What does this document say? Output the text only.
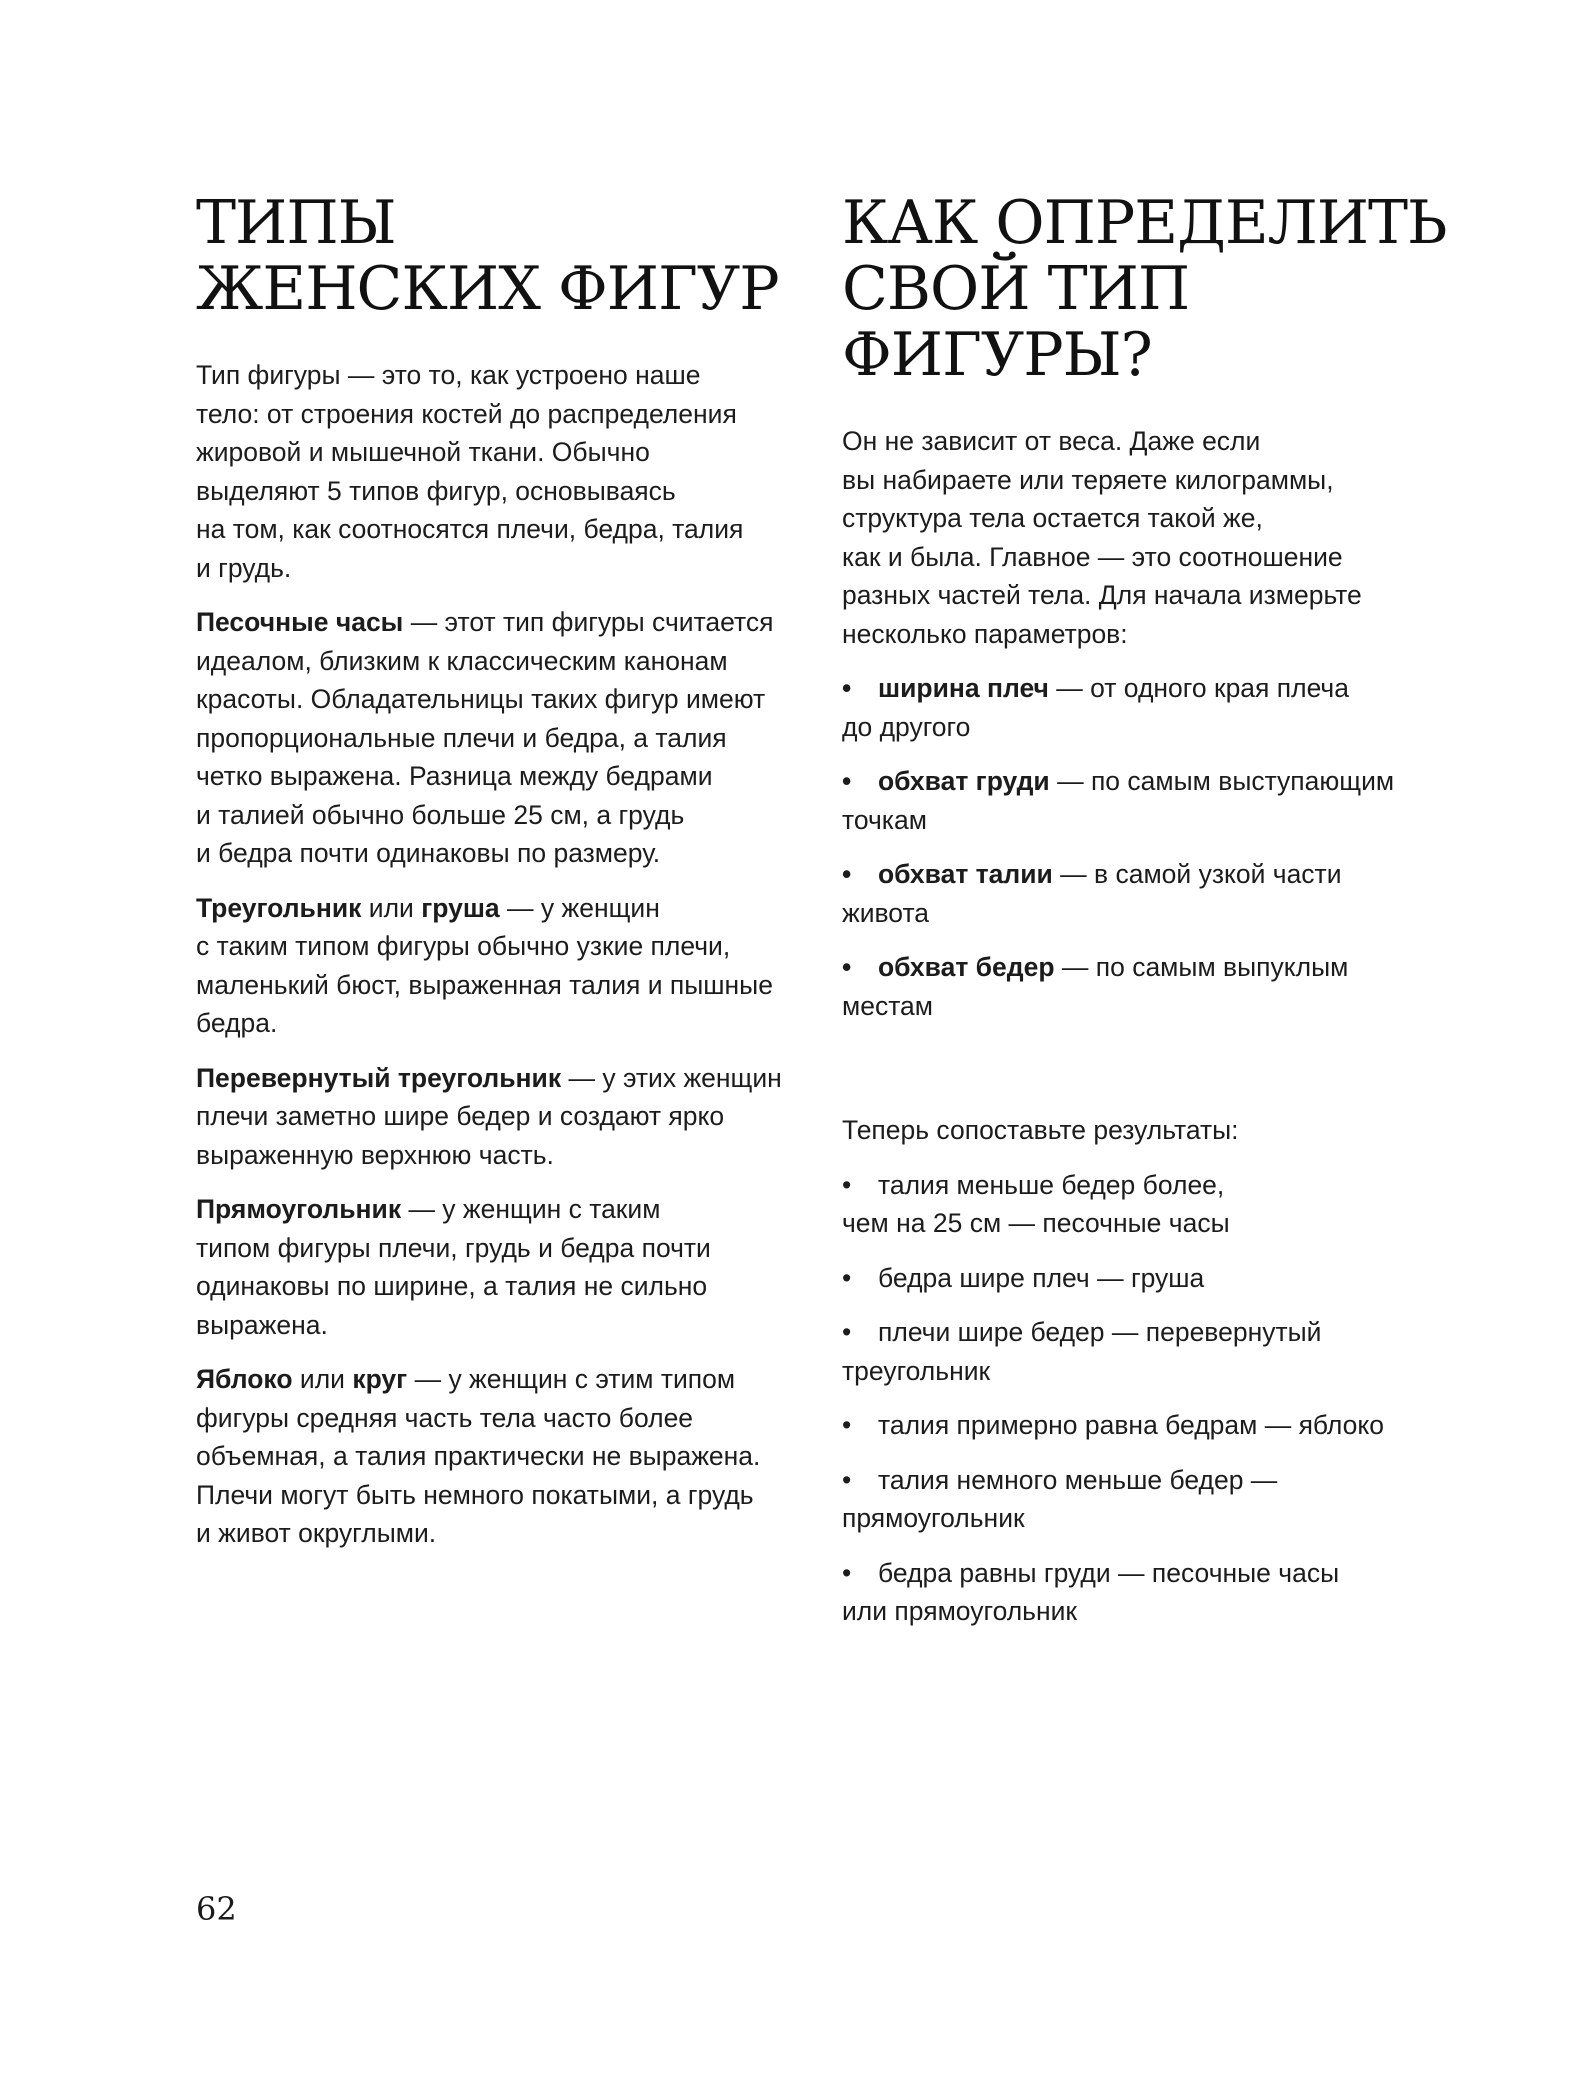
ТИПЫ
ЖЕНСКИХ ФИГУР

Тип фигуры — это то, как устроено наше
тело: от строения костей до распределения
жировой и мышечной ткани. Обычно
выделяют 5 типов фигур, основываясь
на том, как соотносятся плечи, бедра, талия
и грудь.

Песочные часы — этот тип фигуры считается
идеалом, близким к классическим канонам
красоты. Обладательницы таких фигур имеют
пропорциональные плечи и бедра, а талия
четко выражена. Разница между бедрами
и талией обычно больше 25 см, а грудь
и бедра почти одинаковы по размеру.

Треугольник или груша — у женщин
с таким типом фигуры обычно узкие плечи,
маленький бюст, выраженная талия и пышные
бедра.

Перевернутый треугольник — у этих женщин
плечи заметно шире бедер и создают ярко
выраженную верхнюю часть.

Прямоугольник — у женщин с таким
типом фигуры плечи, грудь и бедра почти
одинаковы по ширине, а талия не сильно
выражена.

Яблоко или круг — у женщин с этим типом
фигуры средняя часть тела часто более
объемная, а талия практически не выражена.
Плечи могут быть немного покатыми, а грудь
и живот округлыми.

КАК ОПРЕДЕЛИТЬ
СВОЙ ТИП ФИГУРЫ?

Он не зависит от веса. Даже если
вы набираете или теряете килограммы,
структура тела остается такой же,
как и была. Главное — это соотношение
разных частей тела. Для начала измерьте
несколько параметров:

• ширина плеч — от одного края плеча
до другого

• обхват груди — по самым выступающим
точкам

• обхват талии — в самой узкой части
живота

• обхват бедер — по самым выпуклым
местам

Теперь сопоставьте результаты:

• талия меньше бедер более,
чем на 25 см — песочные часы

• бедра шире плеч — груша

• плечи шире бедер — перевернутый
треугольник

• талия примерно равна бедрам — яблоко

• талия немного меньше бедер —
прямоугольник

• бедра равны груди — песочные часы
или прямоугольник

62
